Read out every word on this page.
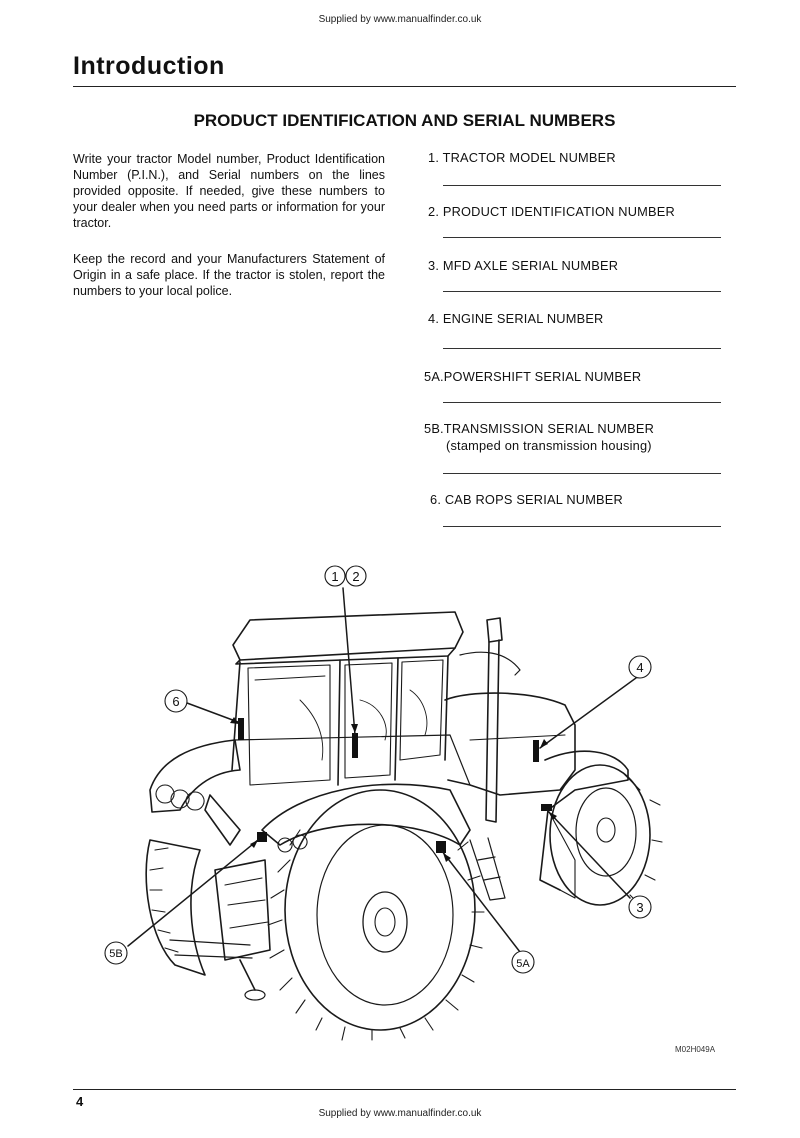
Supplied by www.manualfinder.co.uk
Introduction
PRODUCT IDENTIFICATION AND SERIAL NUMBERS
Write your tractor Model number, Product Identification Number (P.I.N.), and Serial numbers on the lines provided opposite. If needed, give these numbers to your dealer when you need parts or information for your tractor.
Keep the record and your Manufacturers Statement of Origin in a safe place. If the tractor is stolen, report the numbers to your local police.
1. TRACTOR MODEL NUMBER
2. PRODUCT IDENTIFICATION NUMBER
3. MFD AXLE SERIAL NUMBER
4. ENGINE SERIAL NUMBER
5A.POWERSHIFT SERIAL NUMBER
5B.TRANSMISSION SERIAL NUMBER
(stamped on transmission housing)
6. CAB ROPS SERIAL NUMBER
1 2
6
4
3
5A
5B
M02H049A
4
Supplied by www.manualfinder.co.uk
